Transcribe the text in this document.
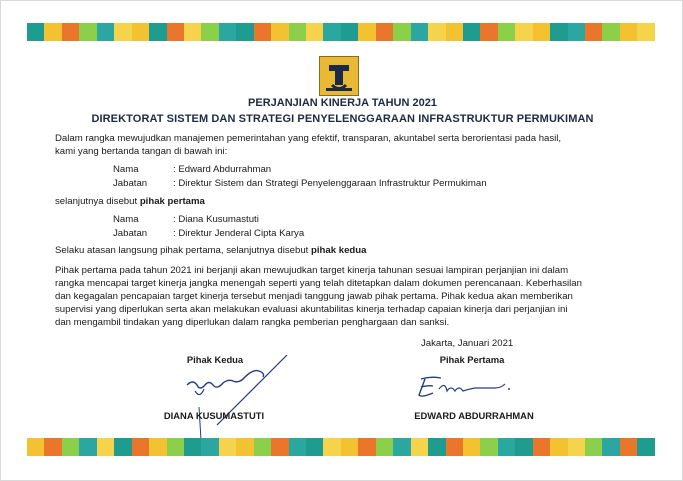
PERJANJIAN KINERJA TAHUN 2021
DIREKTORAT SISTEM DAN STRATEGI PENYELENGGARAAN INFRASTRUKTUR PERMUKIMAN
Dalam rangka mewujudkan manajemen pemerintahan yang efektif, transparan, akuntabel serta berorientasi pada hasil,
kami yang bertanda tangan di bawah ini:
Nama	: Edward Abdurrahman
Jabatan	: Direktur Sistem dan Strategi Penyelenggaraan Infrastruktur Permukiman
selanjutnya disebut pihak pertama
Nama	: Diana Kusumastuti
Jabatan	: Direktur Jenderal Cipta Karya
Selaku atasan langsung pihak pertama, selanjutnya disebut pihak kedua
Pihak pertama pada tahun 2021 ini berjanji akan mewujudkan target kinerja tahunan sesuai lampiran perjanjian ini dalam
rangka mencapai target kinerja jangka menengah seperti yang telah ditetapkan dalam dokumen perencanaan. Keberhasilan
dan kegagalan pencapaian target kinerja tersebut menjadi tanggung jawab pihak pertama. Pihak kedua akan memberikan
supervisi yang diperlukan serta akan melakukan evaluasi akuntabilitas kinerja terhadap capaian kinerja dari perjanjian ini
dan mengambil tindakan yang diperlukan dalam rangka pemberian penghargaan dan sanksi.
Jakarta, Januari 2021
Pihak Kedua	Pihak Pertama
DIANA KUSUMASTUTI	EDWARD ABDURRAHMAN
